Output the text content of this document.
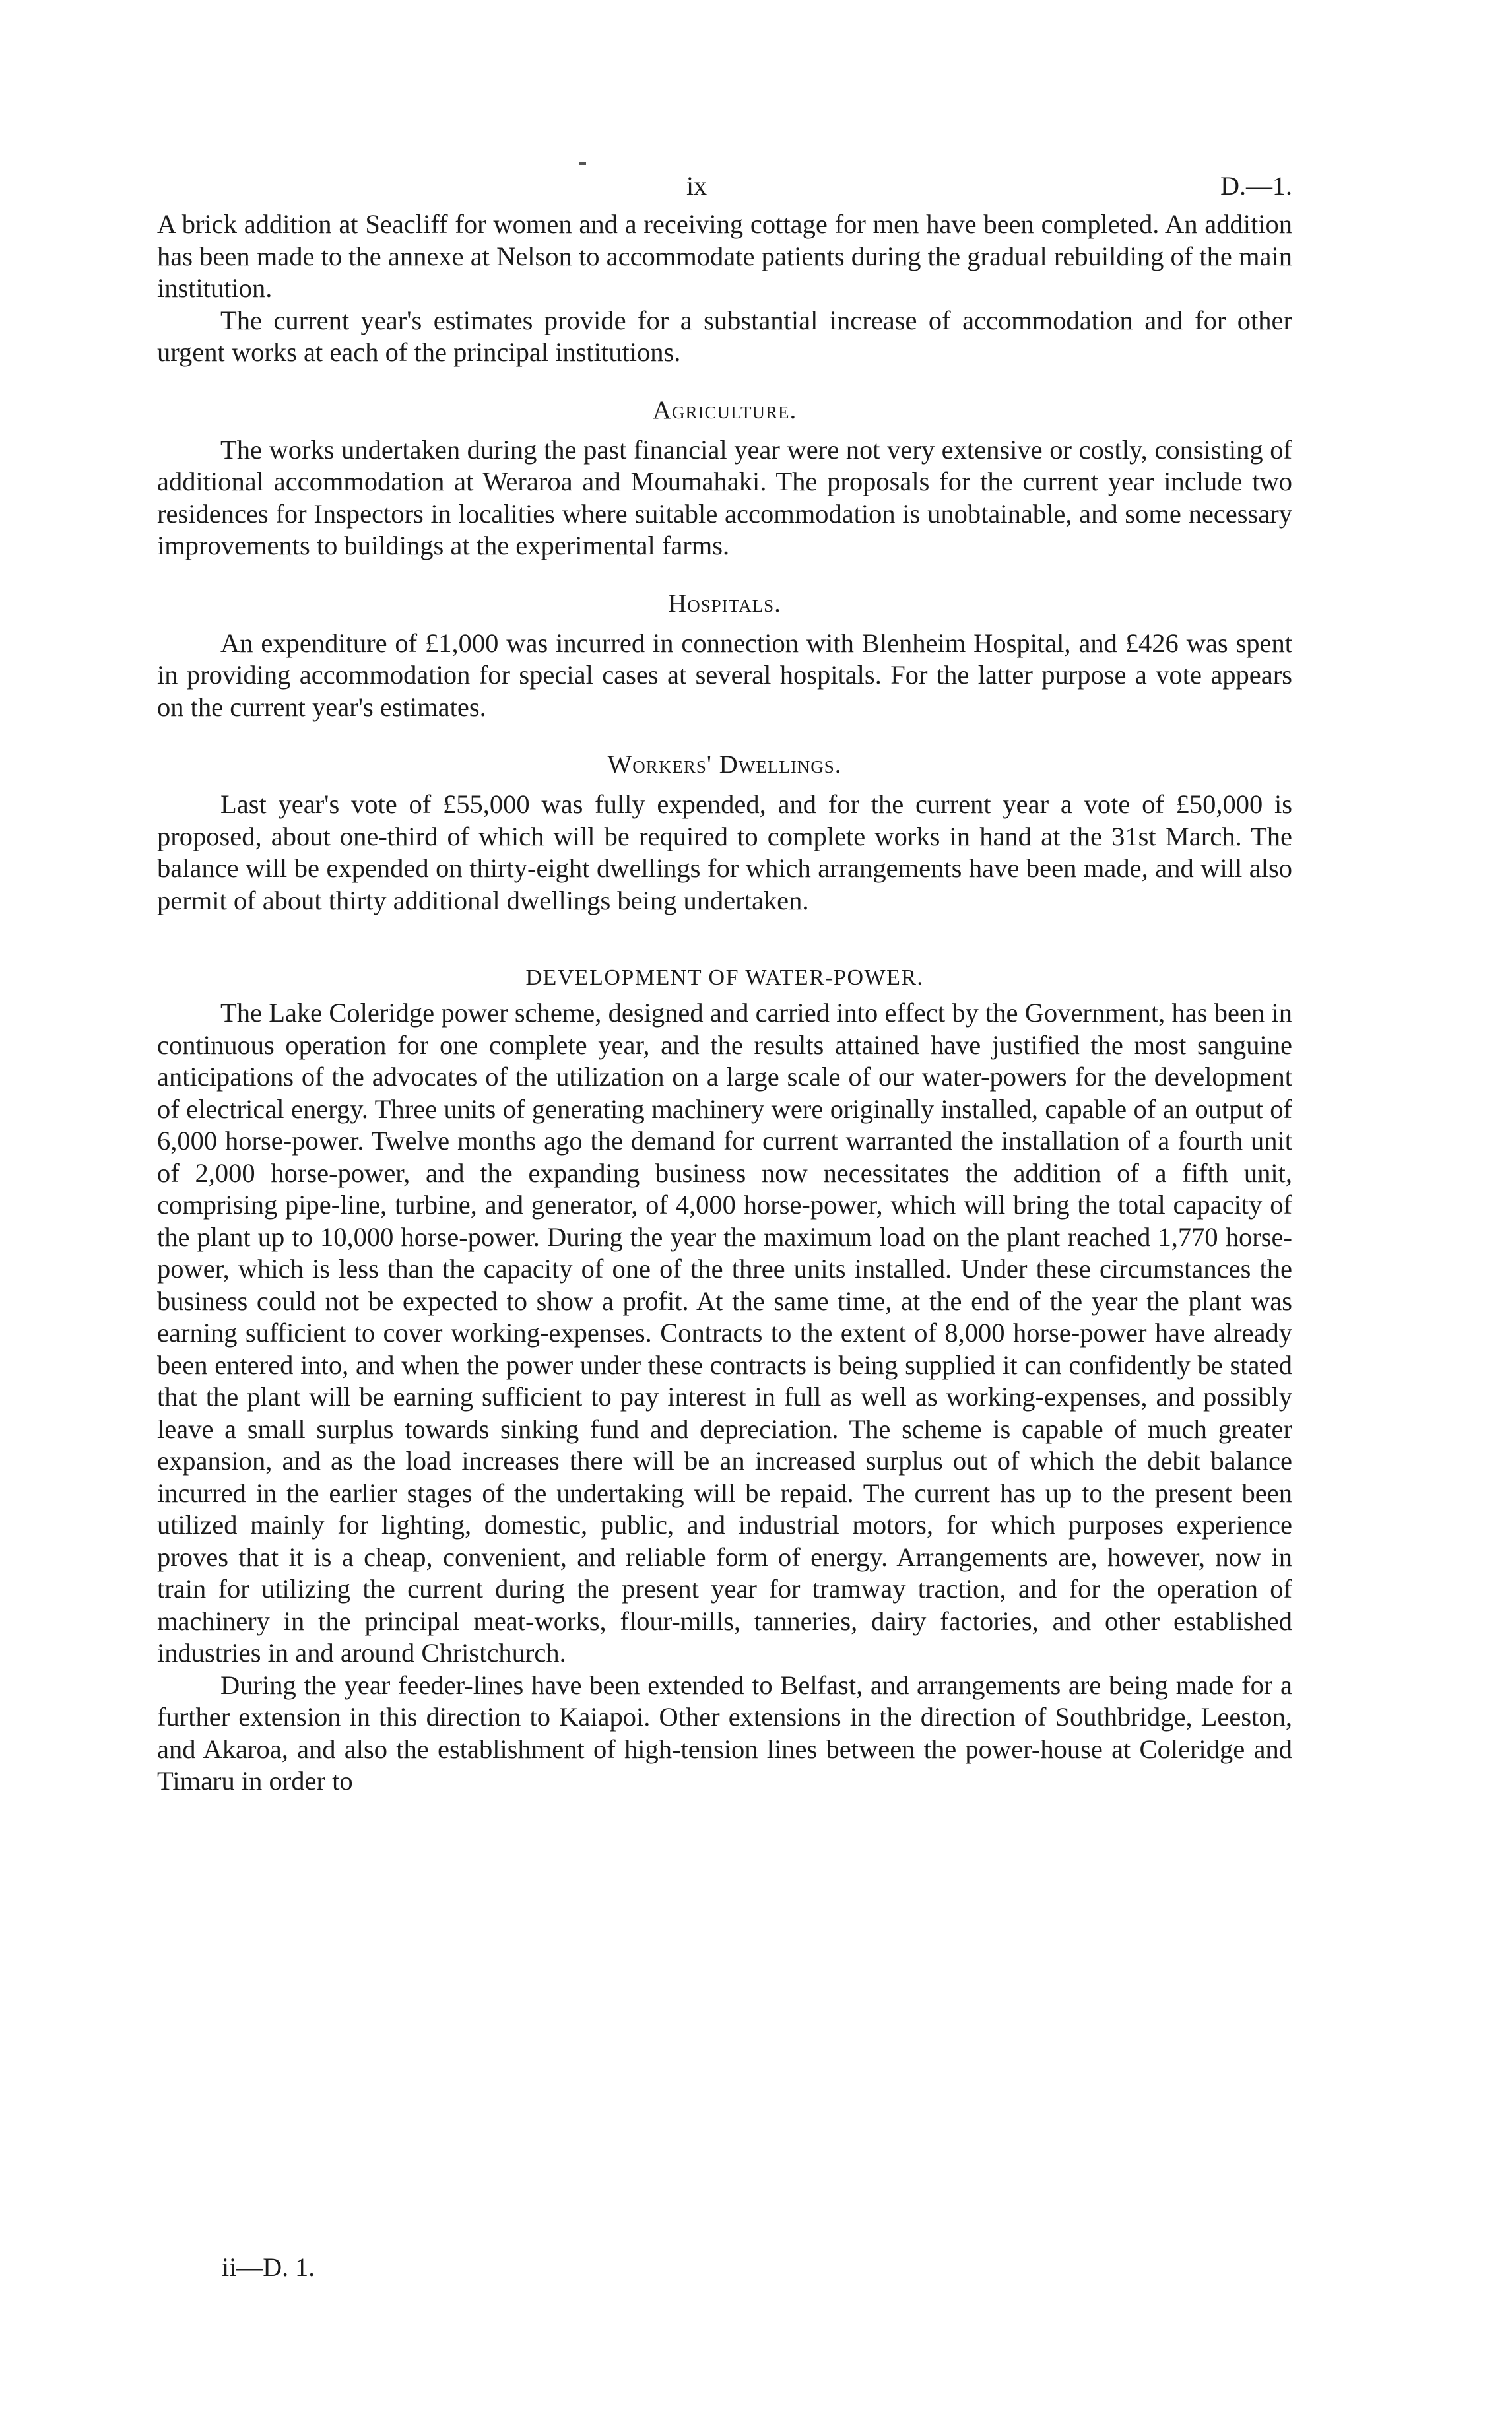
ix	D.—1.

A brick addition at Seacliff for women and a receiving cottage for men have been completed. An addition has been made to the annexe at Nelson to accommodate patients during the gradual rebuilding of the main institution.

The current year's estimates provide for a substantial increase of accommodation and for other urgent works at each of the principal institutions.

Agriculture.

The works undertaken during the past financial year were not very extensive or costly, consisting of additional accommodation at Weraroa and Moumahaki. The proposals for the current year include two residences for Inspectors in localities where suitable accommodation is unobtainable, and some necessary improvements to buildings at the experimental farms.

Hospitals.

An expenditure of £1,000 was incurred in connection with Blenheim Hospital, and £426 was spent in providing accommodation for special cases at several hospitals. For the latter purpose a vote appears on the current year's estimates.

Workers' Dwellings.

Last year's vote of £55,000 was fully expended, and for the current year a vote of £50,000 is proposed, about one-third of which will be required to complete works in hand at the 31st March. The balance will be expended on thirty-eight dwellings for which arrangements have been made, and will also permit of about thirty additional dwellings being undertaken.

DEVELOPMENT OF WATER-POWER.

The Lake Coleridge power scheme, designed and carried into effect by the Government, has been in continuous operation for one complete year, and the results attained have justified the most sanguine anticipations of the advocates of the utilization on a large scale of our water-powers for the development of electrical energy. Three units of generating machinery were originally installed, capable of an output of 6,000 horse-power. Twelve months ago the demand for current warranted the installation of a fourth unit of 2,000 horse-power, and the expanding business now necessitates the addition of a fifth unit, comprising pipe-line, turbine, and generator, of 4,000 horse-power, which will bring the total capacity of the plant up to 10,000 horse-power. During the year the maximum load on the plant reached 1,770 horse-power, which is less than the capacity of one of the three units installed. Under these circumstances the business could not be expected to show a profit. At the same time, at the end of the year the plant was earning sufficient to cover working-expenses. Contracts to the extent of 8,000 horse-power have already been entered into, and when the power under these contracts is being supplied it can confidently be stated that the plant will be earning sufficient to pay interest in full as well as working-expenses, and possibly leave a small surplus towards sinking fund and depreciation. The scheme is capable of much greater expansion, and as the load increases there will be an increased surplus out of which the debit balance incurred in the earlier stages of the undertaking will be repaid. The current has up to the present been utilized mainly for lighting, domestic, public, and industrial motors, for which purposes experience proves that it is a cheap, convenient, and reliable form of energy. Arrangements are, however, now in train for utilizing the current during the present year for tramway traction, and for the operation of machinery in the principal meat-works, flour-mills, tanneries, dairy factories, and other established industries in and around Christchurch.

During the year feeder-lines have been extended to Belfast, and arrangements are being made for a further extension in this direction to Kaiapoi. Other extensions in the direction of Southbridge, Leeston, and Akaroa, and also the establishment of high-tension lines between the power-house at Coleridge and Timaru in order to

ii—D. 1.
